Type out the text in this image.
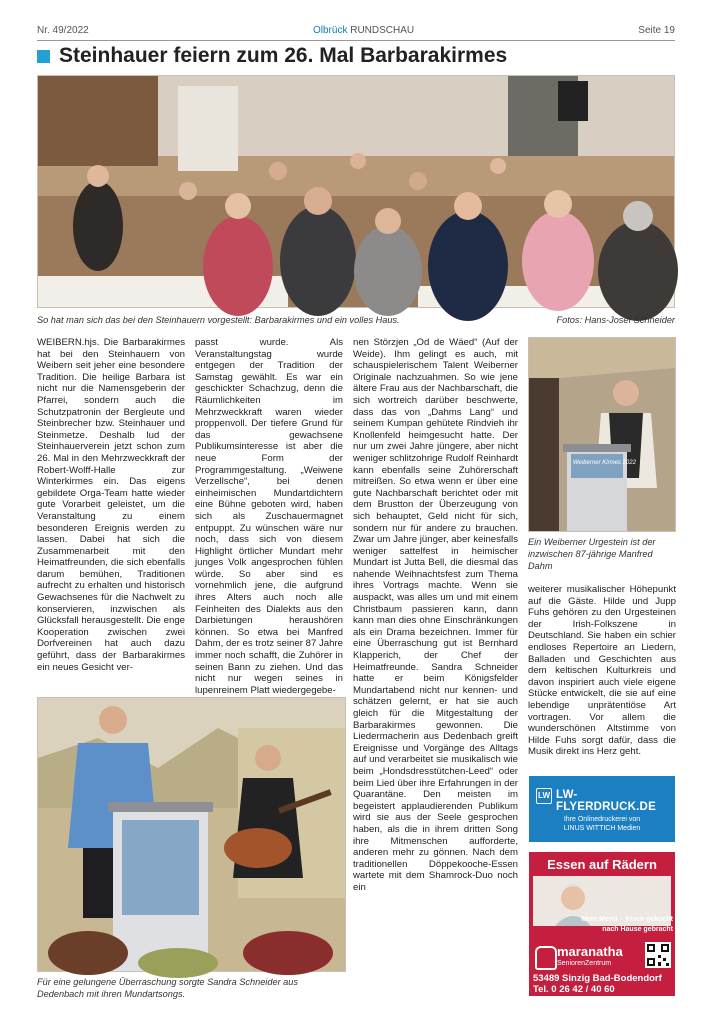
Nr. 49/2022	Olbrück RUNDSCHAU	Seite 19
Steinhauer feiern zum 26. Mal Barbarakirmes
So hat man sich das bei den Steinhauern vorgestellt: Barbarakirmes und ein volles Haus.	Fotos: Hans-Josef Schneider

WEIBERN.hjs. Die Barbarakirmes hat bei den Steinhauern von Weibern seit jeher eine besondere Tradition. Die heilige Barbara ist nicht nur die Namensgeberin der Pfarrei, sondern auch die Schutzpatronin der Bergleute und Steinbrecher bzw. Steinhauer und Steinmetze. Deshalb lud der Steinhauerverein jetzt schon zum 26. Mal in den Mehrzweckkraft der Robert-Wolff-Halle zur Winterkirmes ein. Das eigens gebildete Orga-Team hatte wieder gute Vorarbeit geleistet, um die Veranstaltung zu einem besonderen Ereignis werden zu lassen. Dabei hat sich die Zusammenarbeit mit den Heimatfreunden, die sich ebenfalls darum bemühen, Traditionen aufrecht zu erhalten und historisch Gewachsenes für die Nachwelt zu konservieren, inzwischen als Glücksfall herausgestellt. Die enge Kooperation zwischen zwei Dorfvereinen hat auch dazu geführt, dass der Barbarakirmes ein neues Gesicht ver-

passt wurde. Als Veranstaltungstag wurde entgegen der Tradition der Samstag gewählt. Es war ein geschickter Schachzug, denn die Räumlichkeiten im Mehrzweckkraft waren wieder proppenvoll. Der tiefere Grund für das gewachsene Publikumsinteresse ist aber die neue Form der Programmgestaltung. „Weiwene Verzellsche“, bei denen einheimischen Mundartdichtern eine Bühne geboten wird, haben sich als Zuschauermagnet entpuppt. Zu wünschen wäre nur noch, dass sich von diesem Highlight örtlicher Mundart mehr junges Volk angesprochen fühlen würde. So aber sind es vornehmlich jene, die aufgrund ihres Alters auch noch alle Feinheiten des Dialekts aus den Darbietungen heraushören können. So etwa bei Manfred Dahm, der es trotz seiner 87 Jahre immer noch schafft, die Zuhörer in seinen Bann zu ziehen. Und das nicht nur wegen seines in lupenreinem Platt wiedergegebe-

nen Störzjen „Od de Wäed“ (Auf der Weide). Ihm gelingt es auch, mit schauspielerischem Talent Weiberner Originale nachzuahmen. So wie jene ältere Frau aus der Nachbarschaft, die sich wortreich darüber beschwerte, dass das von „Dahms Lang“ und seinem Kumpan gehütete Rindvieh ihr Knollenfeld heimgesucht hatte. Der nur um zwei Jahre jüngere, aber nicht weniger schlitzohrige Rudolf Reinhardt kann ebenfalls seine Zuhörerschaft mitreißen. So etwa wenn er über eine gute Nachbarschaft berichtet oder mit dem Brustton der Überzeugung von sich behauptet, Geld nicht für sich, sondern nur für andere zu brauchen. Zwar um Jahre jünger, aber keinesfalls weniger sattelfest in heimischer Mundart ist Jutta Bell, die diesmal das nahende Weihnachtsfest zum Thema ihres Vortrags machte. Wenn sie auspackt, was alles um und mit einem Christbaum passieren kann, dann kann man dies ohne Einschränkungen als ein Drama bezeichnen. Immer für eine Überraschung gut ist Bernhard Klapperich, der Chef der Heimatfreunde. Sandra Schneider hatte er beim Königsfelder Mundartabend nicht nur kennen- und schätzen gelernt, er hat sie auch gleich für die Mitgestaltung der Barbarakirmes gewonnen. Die Liedermacherin aus Dedenbach greift Ereignisse und Vorgänge des Alltags auf und verarbeitet sie musikalisch wie beim „Hondsdresstütchen-Leed“ oder beim Lied über ihre Erfahrungen in der Quarantäne. Den meisten im begeistert applaudierenden Publikum wird sie aus der Seele gesprochen haben, als die in ihrem dritten Song ihre Mitmenschen aufforderte, anderen mehr zu gönnen. Nach dem traditionellen Döppekooche-Essen wartete mit dem Shamrock-Duo noch ein

Weiberner Kirmes 2022
Ein Weiberner Urgestein ist der inzwischen 87-jährige Manfred Dahm

weiterer musikalischer Höhepunkt auf die Gäste. Hilde und Jupp Fuhs gehören zu den Urgesteinen der Irish-Folkszene in Deutschland. Sie haben ein schier endloses Repertoire an Liedern, Balladen und Geschichten aus dem keltischen Kulturkreis und davon inspiriert auch viele eigene Stücke entwickelt, die sie auf eine lebendige unprätentiöse Art vortragen. Vor allem die wunderschönen Altstimme von Hilde Fuhs sorgt dafür, dass die Musik direkt ins Herz geht.

Für eine gelungene Überraschung sorgte Sandra Schneider aus Dedenbach mit ihren Mundartsongs.
LW LW-FLYERDRUCK.DE
Ihre Onlinedruckerei von
LINUS WITTICH Medien
Essen auf Rädern
Mein Menü – frisch gekocht
nach Hause gebracht
maranatha
SeniorenZentrum
53489 Sinzig Bad-Bodendorf
Tel. 0 26 42 / 40 60
